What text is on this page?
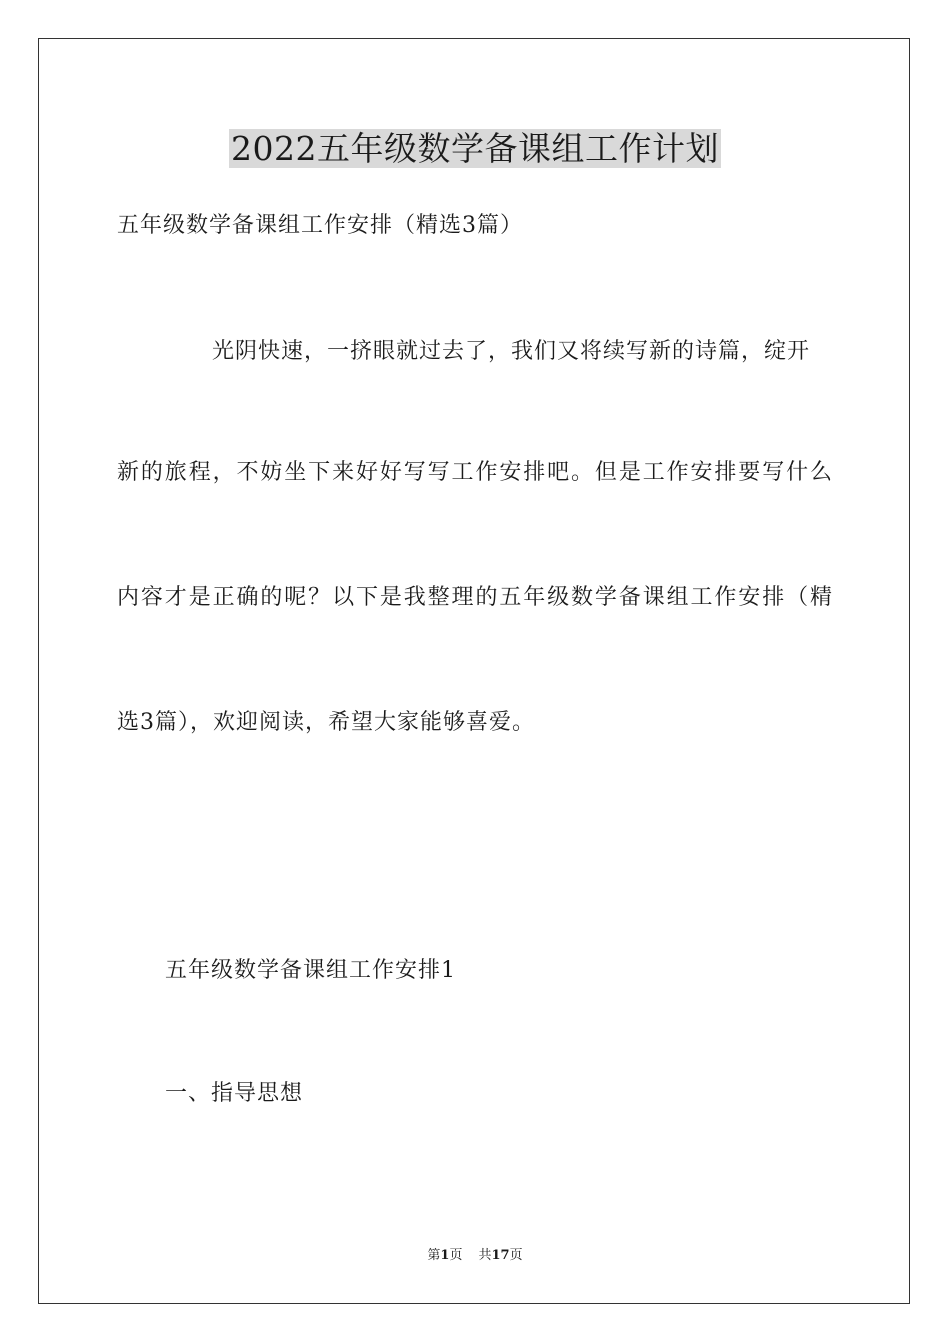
2022五年级数学备课组工作计划

五年级数学备课组工作安排（精选3篇）

光阴快速，一挤眼就过去了，我们又将续写新的诗篇，绽开

新的旅程，不妨坐下来好好写写工作安排吧。但是工作安排要写什么

内容才是正确的呢？以下是我整理的五年级数学备课组工作安排（精

选3篇），欢迎阅读，希望大家能够喜爱。

五年级数学备课组工作安排1

一、指导思想

第1页 共17页
